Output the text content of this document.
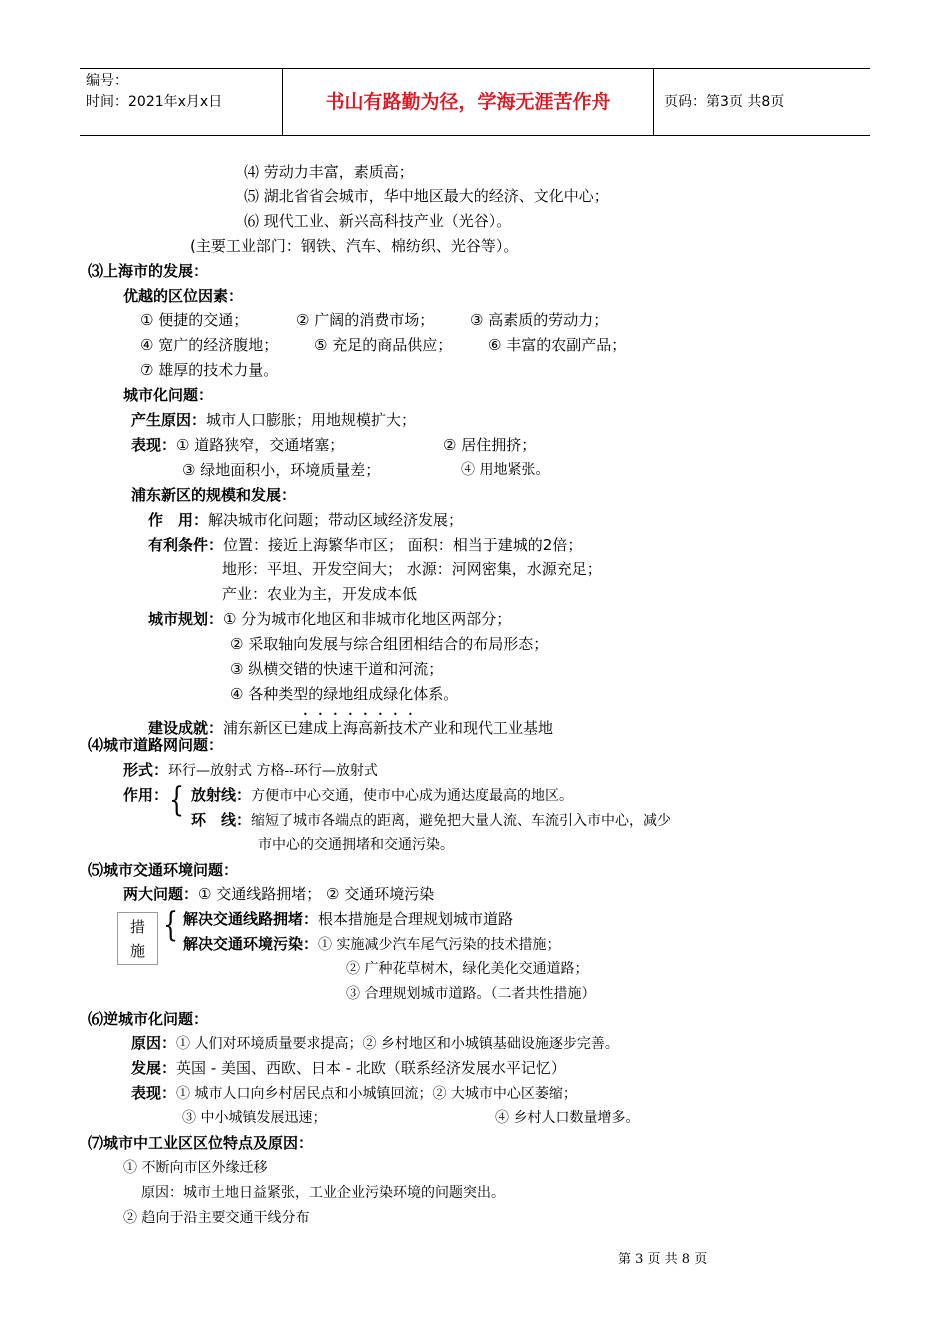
编号：
时间：2021年x月x日	书山有路勤为径，学海无涯苦作舟	页码：第3页 共8页
⑷ 劳动力丰富，素质高；
⑸ 湖北省省会城市，华中地区最大的经济、文化中心；
⑹ 现代工业、新兴高科技产业（光谷）。
(主要工业部门：钢铁、汽车、棉纺织、光谷等）。
⑶上海市的发展：
优越的区位因素：
① 便捷的交通；	② 广阔的消费市场； ③ 高素质的劳动力；
④ 宽广的经济腹地； ⑤ 充足的商品供应； ⑥ 丰富的农副产品；
⑦ 雄厚的技术力量。
城市化问题：
产生原因：城市人口膨胀；用地规模扩大；
表现：① 道路狭窄，交通堵塞；	② 居住拥挤；
③ 绿地面积小，环境质量差；	④ 用地紧张。
浦东新区的规模和发展：
作　用：解决城市化问题；带动区域经济发展；
有利条件：位置：接近上海繁华市区； 面积：相当于建城的2倍；
地形：平坦、开发空间大； 水源：河网密集，水源充足；
产业：农业为主，开发成本低
城市规划：① 分为城市化地区和非城市化地区两部分；
② 采取轴向发展与综合组团相结合的布局形态；
③ 纵横交错的快速干道和河流；
④ 各种类型的绿地组成绿化体系。
建设成就：浦东新区已建成上海高新技术产业和现代工业基地
⑷城市道路网问题：
形式：环行—放射式 方格--环行—放射式
作用： { 放射线：方便市中心交通，使市中心成为通达度最高的地区。
环　线：缩短了城市各端点的距离，避免把大量人流、车流引入市中心，减少
市中心的交通拥堵和交通污染。
⑸城市交通环境问题：
两大问题：① 交通线路拥堵； ② 交通环境污染
措
施
{ 解决交通线路拥堵：根本措施是合理规划城市道路
解决交通环境污染：① 实施减少汽车尾气污染的技术措施；
② 广种花草树木，绿化美化交通道路；
③ 合理规划城市道路。（二者共性措施）
⑹逆城市化问题：
原因：① 人们对环境质量要求提高；② 乡村地区和小城镇基础设施逐步完善。
发展：英国 - 美国、西欧、日本 - 北欧（联系经济发展水平记忆）
表现：① 城市人口向乡村居民点和小城镇回流；② 大城市中心区萎缩；
③ 中小城镇发展迅速；	④ 乡村人口数量增多。
⑺城市中工业区区位特点及原因：
① 不断向市区外缘迁移
原因：城市土地日益紧张，工业企业污染环境的问题突出。
② 趋向于沿主要交通干线分布
第 3 页 共 8 页
